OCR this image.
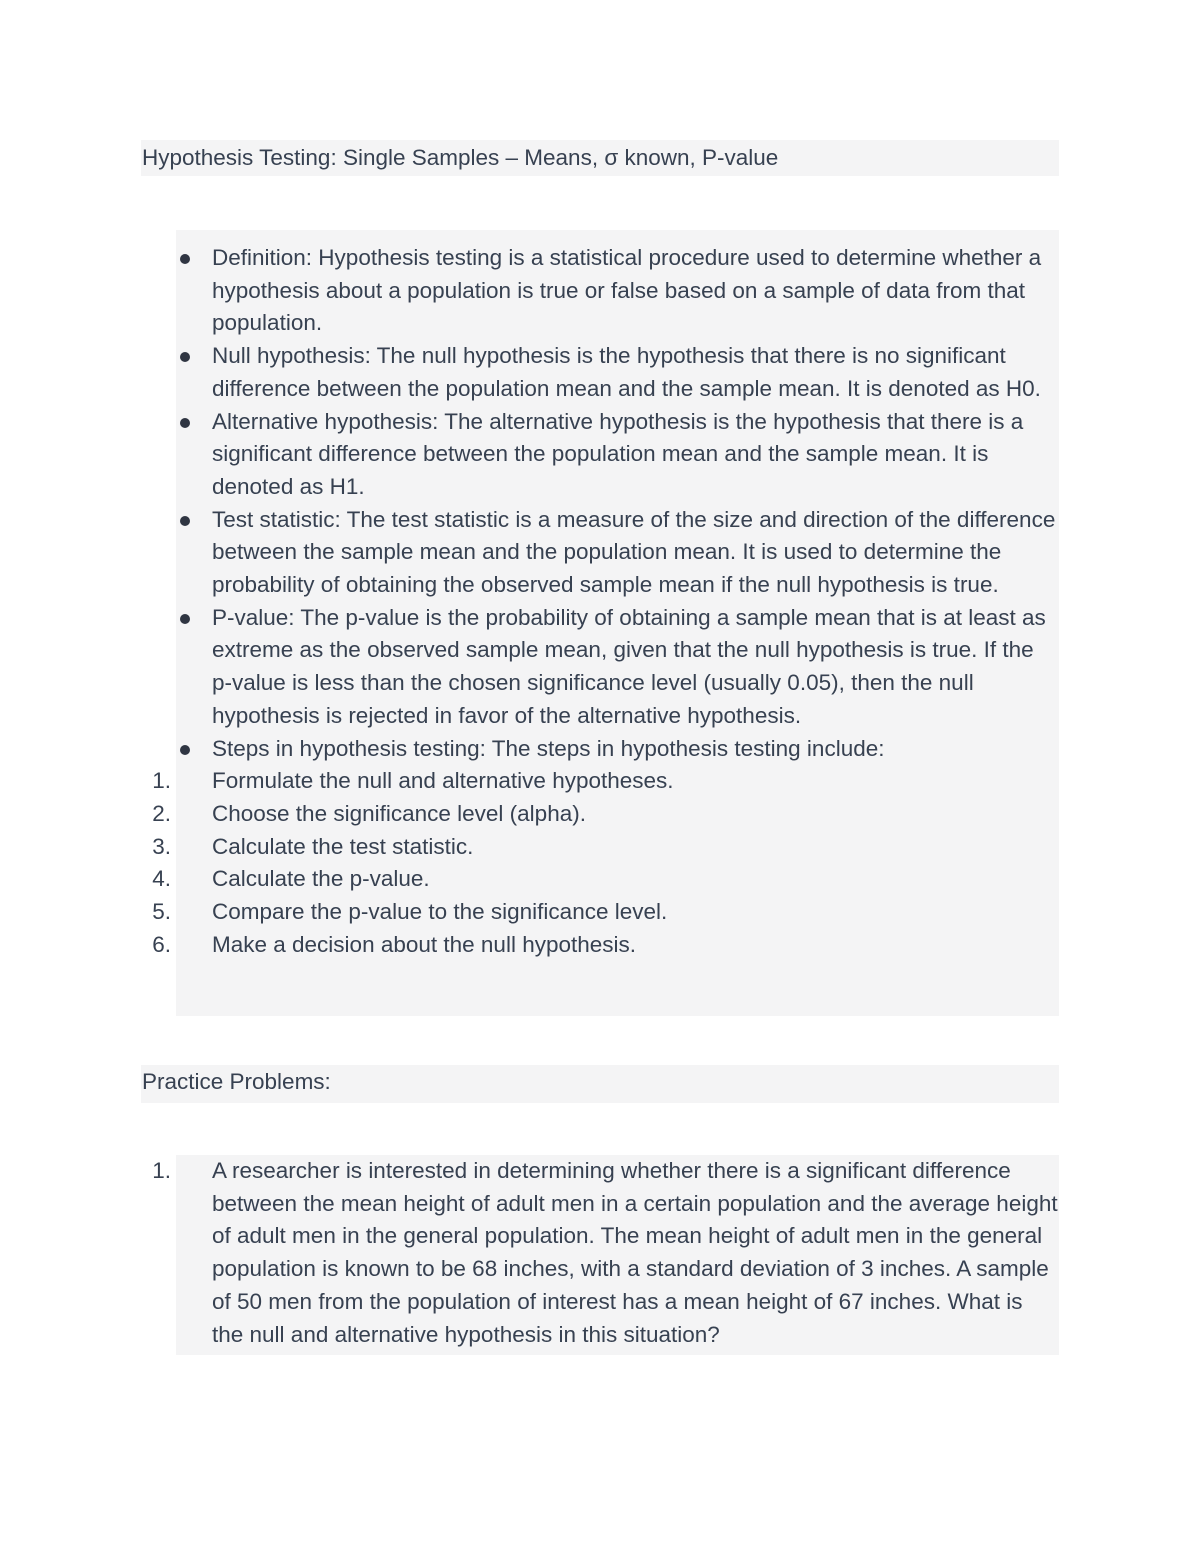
Hypothesis Testing: Single Samples – Means, σ known, P-value
Definition: Hypothesis testing is a statistical procedure used to determine whether a hypothesis about a population is true or false based on a sample of data from that population.
Null hypothesis: The null hypothesis is the hypothesis that there is no significant difference between the population mean and the sample mean. It is denoted as H0.
Alternative hypothesis: The alternative hypothesis is the hypothesis that there is a significant difference between the population mean and the sample mean. It is denoted as H1.
Test statistic: The test statistic is a measure of the size and direction of the difference between the sample mean and the population mean. It is used to determine the probability of obtaining the observed sample mean if the null hypothesis is true.
P-value: The p-value is the probability of obtaining a sample mean that is at least as extreme as the observed sample mean, given that the null hypothesis is true. If the p-value is less than the chosen significance level (usually 0.05), then the null hypothesis is rejected in favor of the alternative hypothesis.
Steps in hypothesis testing: The steps in hypothesis testing include:
1. Formulate the null and alternative hypotheses.
2. Choose the significance level (alpha).
3. Calculate the test statistic.
4. Calculate the p-value.
5. Compare the p-value to the significance level.
6. Make a decision about the null hypothesis.
Practice Problems:
1. A researcher is interested in determining whether there is a significant difference between the mean height of adult men in a certain population and the average height of adult men in the general population. The mean height of adult men in the general population is known to be 68 inches, with a standard deviation of 3 inches. A sample of 50 men from the population of interest has a mean height of 67 inches. What is the null and alternative hypothesis in this situation?
